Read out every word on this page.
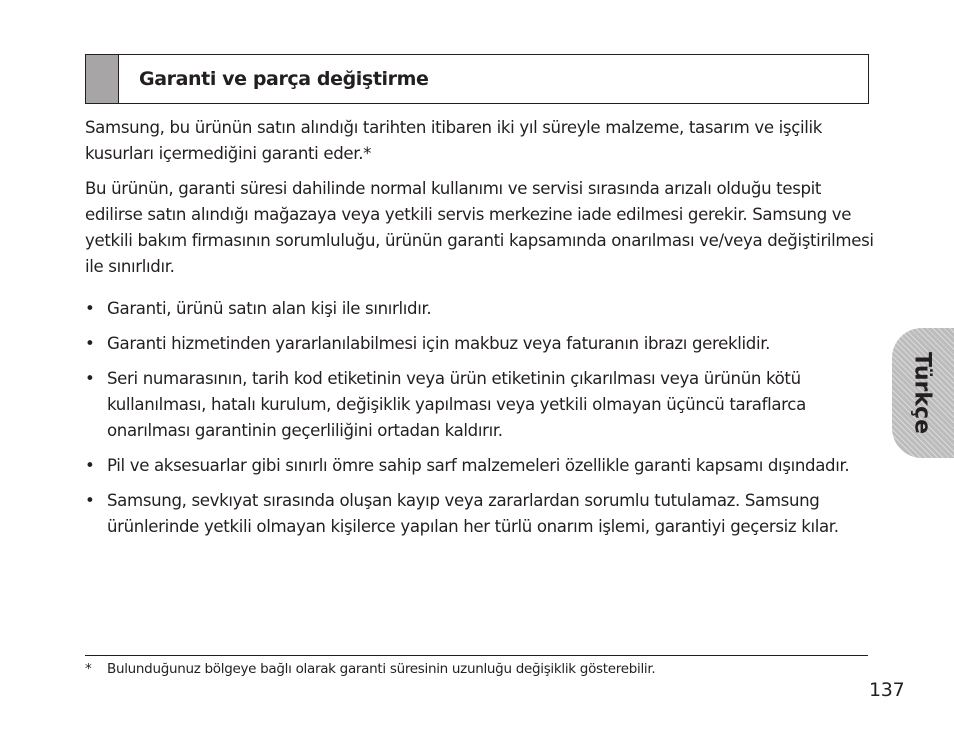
Garanti ve parça değiştirme

Samsung, bu ürünün satın alındığı tarihten itibaren iki yıl süreyle malzeme, tasarım ve işçilik kusurları içermediğini garanti eder.*

Bu ürünün, garanti süresi dahilinde normal kullanımı ve servisi sırasında arızalı olduğu tespit edilirse satın alındığı mağazaya veya yetkili servis merkezine iade edilmesi gerekir. Samsung ve yetkili bakım firmasının sorumluluğu, ürünün garanti kapsamında onarılması ve/veya değiştirilmesi ile sınırlıdır.

• Garanti, ürünü satın alan kişi ile sınırlıdır.
• Garanti hizmetinden yararlanılabilmesi için makbuz veya faturanın ibrazı gereklidir.
• Seri numarasının, tarih kod etiketinin veya ürün etiketinin çıkarılması veya ürünün kötü kullanılması, hatalı kurulum, değişiklik yapılması veya yetkili olmayan üçüncü taraflarca onarılması garantinin geçerliliğini ortadan kaldırır.
• Pil ve aksesuarlar gibi sınırlı ömre sahip sarf malzemeleri özellikle garanti kapsamı dışındadır.
• Samsung, sevkıyat sırasında oluşan kayıp veya zararlardan sorumlu tutulamaz. Samsung ürünlerinde yetkili olmayan kişilerce yapılan her türlü onarım işlemi, garantiyi geçersiz kılar.
* Bulunduğunuz bölgeye bağlı olarak garanti süresinin uzunluğu değişiklik gösterebilir.
137
Türkçe
